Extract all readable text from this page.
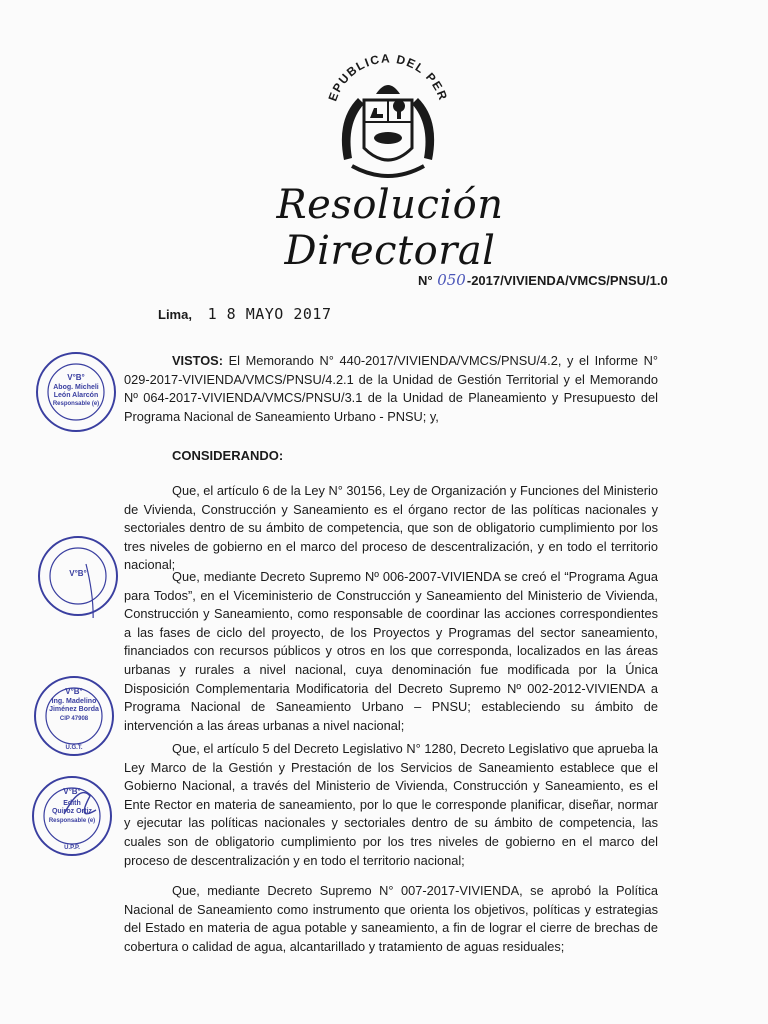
EPUBLICA DEL PER
Resolución Directoral
N° 050-2017/VIVIENDA/VMCS/PNSU/1.0
Lima, 1 8 MAYO 2017

VISTOS: El Memorando N° 440-2017/VIVIENDA/VMCS/PNSU/4.2, y el Informe N° 029-2017-VIVIENDA/VMCS/PNSU/4.2.1 de la Unidad de Gestión Territorial y el Memorando Nº 064-2017-VIVIENDA/VMCS/PNSU/3.1 de la Unidad de Planeamiento y Presupuesto del Programa Nacional de Saneamiento Urbano - PNSU; y,

CONSIDERANDO:

Que, el artículo 6 de la Ley N° 30156, Ley de Organización y Funciones del Ministerio de Vivienda, Construcción y Saneamiento es el órgano rector de las políticas nacionales y sectoriales dentro de su ámbito de competencia, que son de obligatorio cumplimiento por los tres niveles de gobierno en el marco del proceso de descentralización, y en todo el territorio nacional;

Que, mediante Decreto Supremo Nº 006-2007-VIVIENDA se creó el “Programa Agua para Todos”, en el Viceministerio de Construcción y Saneamiento del Ministerio de Vivienda, Construcción y Saneamiento, como responsable de coordinar las acciones correspondientes a las fases de ciclo del proyecto, de los Proyectos y Programas del sector saneamiento, financiados con recursos públicos y otros en los que corresponda, localizados en las áreas urbanas y rurales a nivel nacional, cuya denominación fue modificada por la Única Disposición Complementaria Modificatoria del Decreto Supremo Nº 002-2012-VIVIENDA a Programa Nacional de Saneamiento Urbano – PNSU; estableciendo su ámbito de intervención a las áreas urbanas a nivel nacional;

Que, el artículo 5 del Decreto Legislativo N° 1280, Decreto Legislativo que aprueba la Ley Marco de la Gestión y Prestación de los Servicios de Saneamiento establece que el Gobierno Nacional, a través del Ministerio de Vivienda, Construcción y Saneamiento, es el Ente Rector en materia de saneamiento, por lo que le corresponde planificar, diseñar, normar y ejecutar las políticas nacionales y sectoriales dentro de su ámbito de competencia, las cuales son de obligatorio cumplimiento por los tres niveles de gobierno en el marco del proceso de descentralización y en todo el territorio nacional;

Que, mediante Decreto Supremo N° 007-2017-VIVIENDA, se aprobó la Política Nacional de Saneamiento como instrumento que orienta los objetivos, políticas y estrategias del Estado en materia de agua potable y saneamiento, a fin de lograr el cierre de brechas de cobertura o calidad de agua, alcantarillado y tratamiento de aguas residuales;

V°B°
Abog. Micheli
León Alarcón
Responsable (e)
V°B°
V°B°
Ing. Madelino
Jiménez Borda
CIP 47908
U.G.T.
V°B°
Edith
Quiroz Ortiz
Responsable (e)
U.P.P.
